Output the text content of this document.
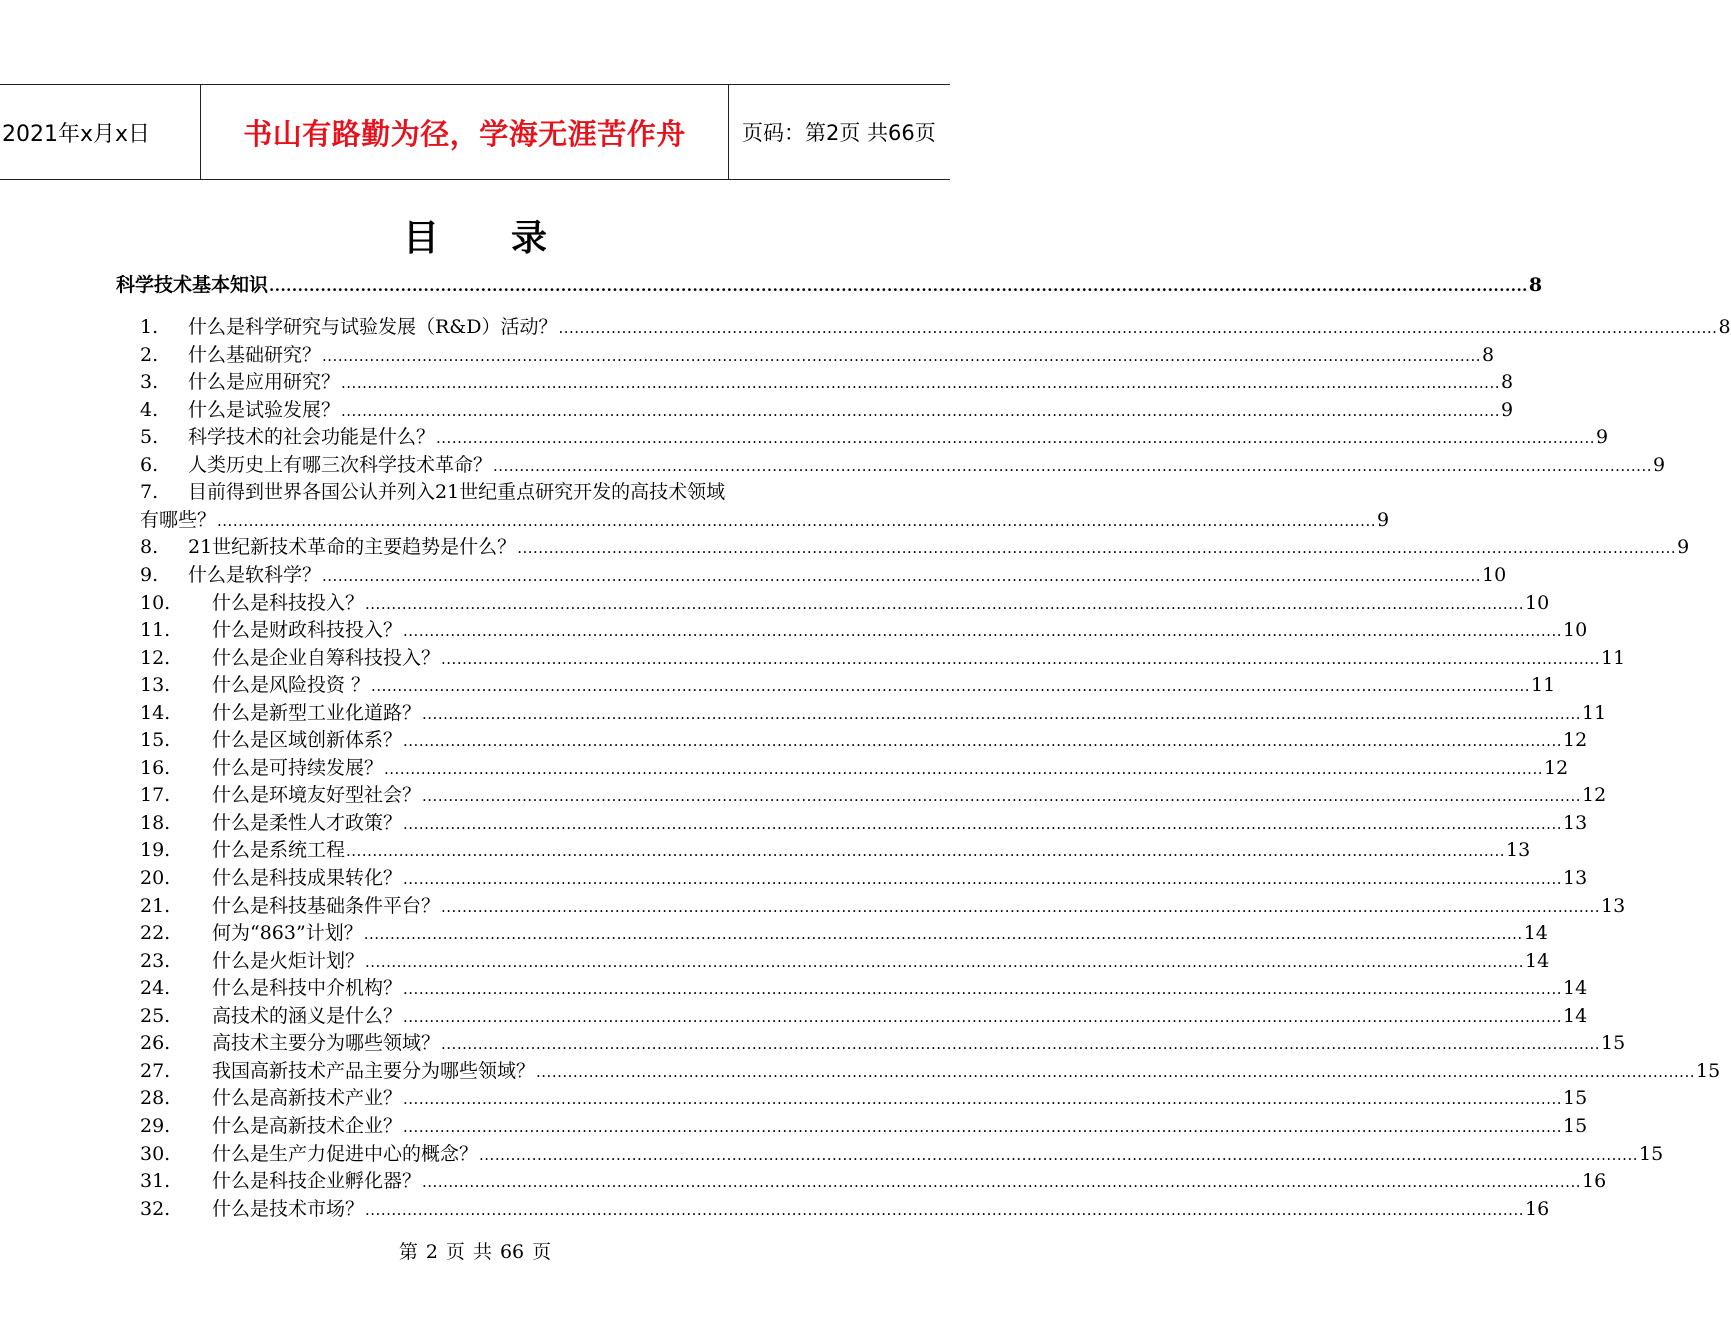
2021年x月x日	书山有路勤为径，学海无涯苦作舟	页码：第2页 共66页
目录
科学技术基本知识 ............................................................................................................................................................................................................................ 8
1.	什么是科学研究与试验发展（R&D）活动？ ............................................................................................................................................................................................................................ 8
2.	什么基础研究？ ............................................................................................................................................................................................................................ 8
3.	什么是应用研究？ ............................................................................................................................................................................................................................ 8
4.	什么是试验发展？ ............................................................................................................................................................................................................................ 9
5.	科学技术的社会功能是什么？ ............................................................................................................................................................................................................................ 9
6.	人类历史上有哪三次科学技术革命？ ............................................................................................................................................................................................................................ 9
7.	目前得到世界各国公认并列入21世纪重点研究开发的高技术领域
有哪些？ ............................................................................................................................................................................................................................ 9
8.	21世纪新技术革命的主要趋势是什么？ ............................................................................................................................................................................................................................ 9
9.	什么是软科学？ ............................................................................................................................................................................................................................ 10
10.	什么是科技投入？ ............................................................................................................................................................................................................................ 10
11.	什么是财政科技投入？ ............................................................................................................................................................................................................................ 10
12.	什么是企业自筹科技投入？ ............................................................................................................................................................................................................................ 11
13.	什么是风险投资 ？ ............................................................................................................................................................................................................................ 11
14.	什么是新型工业化道路？ ............................................................................................................................................................................................................................ 11
15.	什么是区域创新体系？ ............................................................................................................................................................................................................................ 12
16.	什么是可持续发展？ ............................................................................................................................................................................................................................ 12
17.	什么是环境友好型社会？ ............................................................................................................................................................................................................................ 12
18.	什么是柔性人才政策？ ............................................................................................................................................................................................................................ 13
19.	什么是系统工程 ............................................................................................................................................................................................................................ 13
20.	什么是科技成果转化？ ............................................................................................................................................................................................................................ 13
21.	什么是科技基础条件平台？ ............................................................................................................................................................................................................................ 13
22.	何为“863”计划？ ............................................................................................................................................................................................................................ 14
23.	什么是火炬计划？ ............................................................................................................................................................................................................................ 14
24.	什么是科技中介机构？ ............................................................................................................................................................................................................................ 14
25.	高技术的涵义是什么？ ............................................................................................................................................................................................................................ 14
26.	高技术主要分为哪些领域？ ............................................................................................................................................................................................................................ 15
27.	我国高新技术产品主要分为哪些领域？ ............................................................................................................................................................................................................................ 15
28.	什么是高新技术产业？ ............................................................................................................................................................................................................................ 15
29.	什么是高新技术企业？ ............................................................................................................................................................................................................................ 15
30.	什么是生产力促进中心的概念？ ............................................................................................................................................................................................................................ 15
31.	什么是科技企业孵化器？ ............................................................................................................................................................................................................................ 16
32.	什么是技术市场？ ............................................................................................................................................................................................................................ 16
第 2 页 共 66 页
